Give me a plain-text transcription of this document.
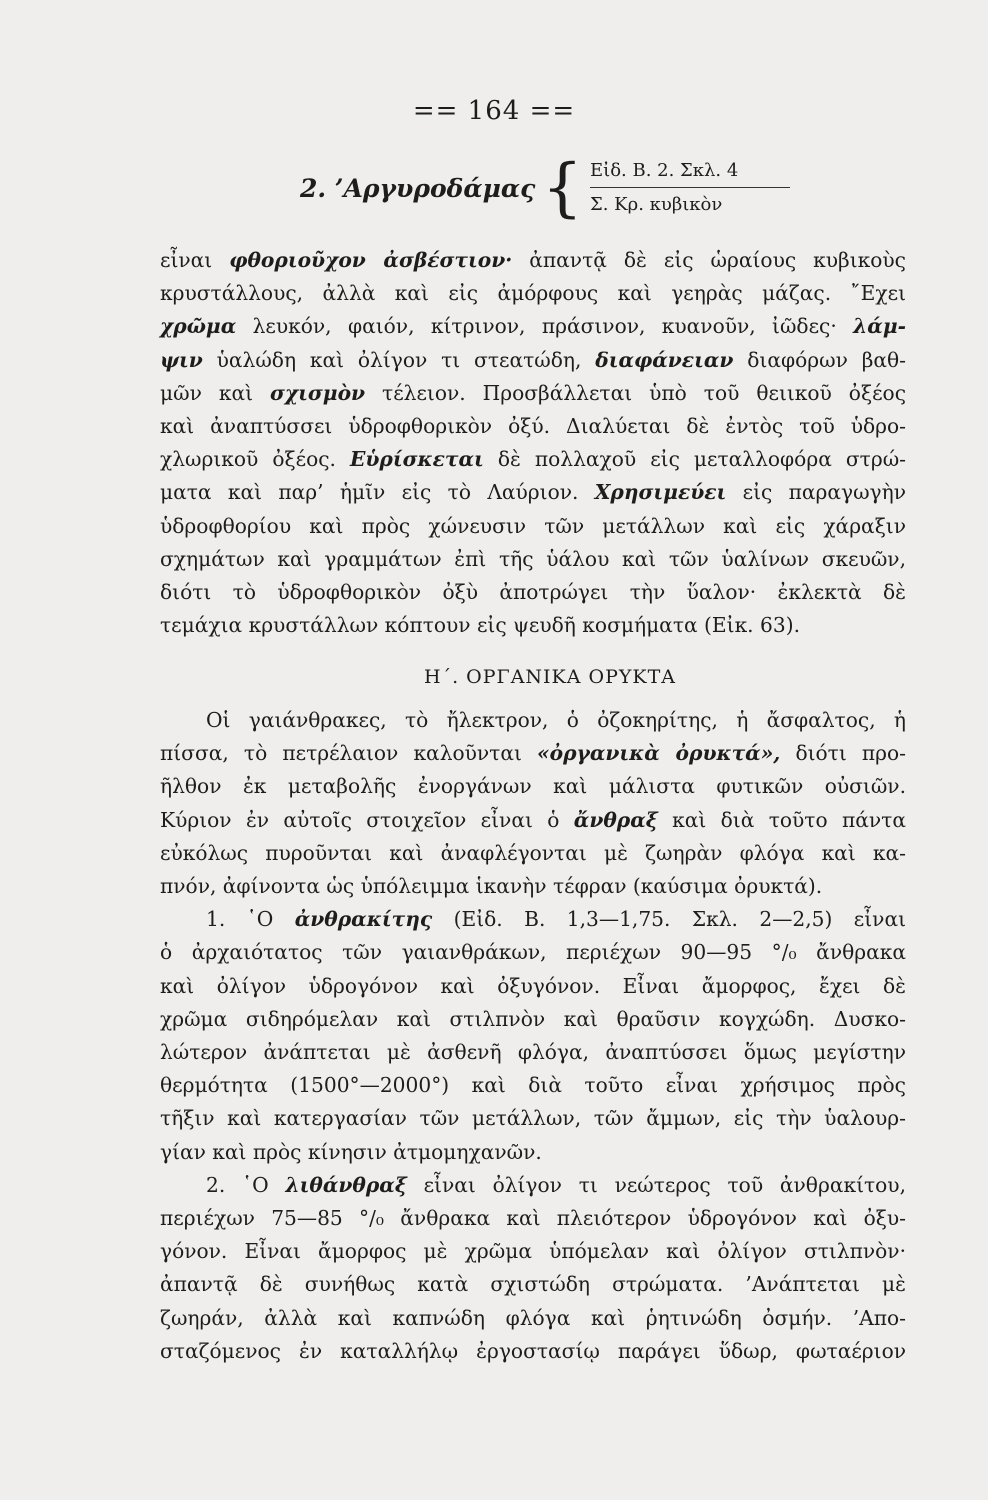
== 164 ==
2. ’Αργυροδάμας { Εἰδ. Β. 2. Σκλ. 4
Σ. Κρ. κυβικὸν
εἶναι φθοριοῦχον ἀσβέστιον· ἀπαντᾷ δὲ εἰς ὡραίους κυβικοὺς
κρυστάλλους, ἀλλὰ καὶ εἰς ἀμόρφους καὶ γεηρὰς μάζας. ῎Εχει
χρῶμα λευκόν, φαιόν, κίτρινον, πράσινον, κυανοῦν, ἰῶδες· λάμ-
ψιν ὑαλώδη καὶ ὀλίγον τι στεατώδη, διαφάνειαν διαφόρων βαθ-
μῶν καὶ σχισμὸν τέλειον. Προσβάλλεται ὑπὸ τοῦ θειικοῦ ὀξέος
καὶ ἀναπτύσσει ὑδροφθορικὸν ὀξύ. Διαλύεται δὲ ἐντὸς τοῦ ὑδρο-
χλωρικοῦ ὀξέος. Εὑρίσκεται δὲ πολλαχοῦ εἰς μεταλλοφόρα στρώ-
ματα καὶ παρ’ ἡμῖν εἰς τὸ Λαύριον. Χρησιμεύει εἰς παραγωγὴν
ὑδροφθορίου καὶ πρὸς χώνευσιν τῶν μετάλλων καὶ εἰς χάραξιν
σχημάτων καὶ γραμμάτων ἐπὶ τῆς ὑάλου καὶ τῶν ὑαλίνων σκευῶν,
διότι τὸ ὑδροφθορικὸν ὀξὺ ἀποτρώγει τὴν ὕαλον· ἐκλεκτὰ δὲ
τεμάχια κρυστάλλων κόπτουν εἰς ψευδῆ κοσμήματα (Εἰκ. 63).
Η΄. ΟΡΓΑΝΙΚΑ ΟΡΥΚΤΑ
Οἱ γαιάνθρακες, τὸ ἤλεκτρον, ὁ ὀζοκηρίτης, ἡ ἄσφαλτος, ἡ
πίσσα, τὸ πετρέλαιον καλοῦνται «ὀργανικὰ ὀρυκτά», διότι προ-
ῆλθον ἐκ μεταβολῆς ἐνοργάνων καὶ μάλιστα φυτικῶν οὐσιῶν.
Κύριον ἐν αὐτοῖς στοιχεῖον εἶναι ὁ ἄνθραξ καὶ διὰ τοῦτο πάντα
εὐκόλως πυροῦνται καὶ ἀναφλέγονται μὲ ζωηρὰν φλόγα καὶ κα-
πνόν, ἀφίνοντα ὡς ὑπόλειμμα ἱκανὴν τέφραν (καύσιμα ὀρυκτά).
1. ῾Ο ἀνθρακίτης (Εἰδ. Β. 1,3—1,75. Σκλ. 2—2,5) εἶναι
ὁ ἀρχαιότατος τῶν γαιανθράκων, περιέχων 90—95 °/₀ ἄνθρακα
καὶ ὀλίγον ὑδρογόνον καὶ ὀξυγόνον. Εἶναι ἄμορφος, ἔχει δὲ
χρῶμα σιδηρόμελαν καὶ στιλπνὸν καὶ θραῦσιν κογχώδη. Δυσκο-
λώτερον ἀνάπτεται μὲ ἀσθενῆ φλόγα, ἀναπτύσσει ὅμως μεγίστην
θερμότητα (1500°—2000°) καὶ διὰ τοῦτο εἶναι χρήσιμος πρὸς
τῆξιν καὶ κατεργασίαν τῶν μετάλλων, τῶν ἄμμων, εἰς τὴν ὑαλουρ-
γίαν καὶ πρὸς κίνησιν ἀτμομηχανῶν.
2. ῾Ο λιθάνθραξ εἶναι ὀλίγον τι νεώτερος τοῦ ἀνθρακίτου,
περιέχων 75—85 °/₀ ἄνθρακα καὶ πλειότερον ὑδρογόνον καὶ ὀξυ-
γόνον. Εἶναι ἄμορφος μὲ χρῶμα ὑπόμελαν καὶ ὀλίγον στιλπνὸν·
ἀπαντᾷ δὲ συνήθως κατὰ σχιστώδη στρώματα. ’Ανάπτεται μὲ
ζωηράν, ἀλλὰ καὶ καπνώδη φλόγα καὶ ῥητινώδη ὀσμήν. ’Απο-
σταζόμενος ἐν καταλλήλῳ ἐργοστασίῳ παράγει ὕδωρ, φωταέριον
